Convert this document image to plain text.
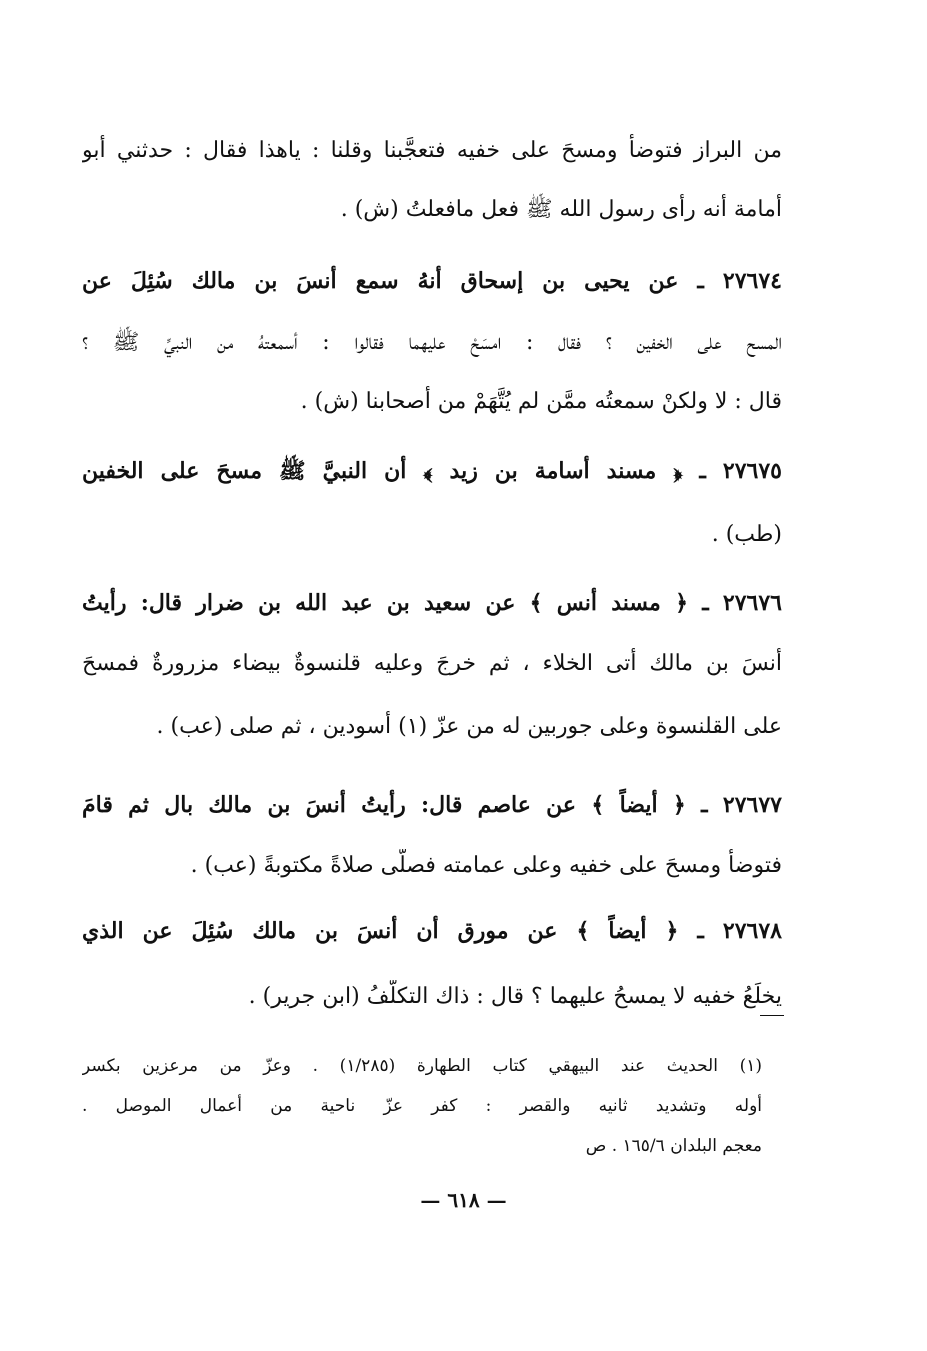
من البراز فتوضأ ومسحَ على خفيه فتعجَّبنا وقلنا : ياهذا فقال : حدثني أبو
أمامة أنه رأى رسول الله ﷺ فعل مافعلتُ (ش) .
٢٧٦٧٤ ـ عن يحيى بن إسحاق أنهُ سمع أنسَ بن مالك سُئِلَ عن
المسح على الخفين ؟ فقال : امسَحْ عليهما فقالوا : أسمعتهُ من النبيِّ ﷺ ؟
قال : لا ولكنْ سمعتُه ممَّن لم يُتَّهَمْ من أصحابنا (ش) .
٢٧٦٧٥ ـ ﴿ مسند أسامة بن زيد ﴾ أن النبيَّ ﷺ مسحَ على الخفين
(طب) .
٢٧٦٧٦ ـ ﴿ مسند أنس ﴾ عن سعيد بن عبد الله بن ضرار قال: رأيتُ
أنسَ بن مالك أتى الخلاء ، ثم خرجَ وعليه قلنسوةٌ بيضاء مزرورةٌ فمسحَ
على القلنسوة وعلى جوربين له من عزّ (١) أسودين ، ثم صلى (عب) .
٢٧٦٧٧ ـ ﴿ أيضاً ﴾ عن عاصم قال: رأيتُ أنسَ بن مالك بال ثم قامَ
فتوضأ ومسحَ على خفيه وعلى عمامته فصلَّى صلاةً مكتوبةً (عب) .
٢٧٦٧٨ ـ ﴿ أيضاً ﴾ عن مورق أن أنسَ بن مالك سُئِلَ عن الذي
يخلَعُ خفيه لا يمسحُ عليهما ؟ قال : ذاك التكلُّفُ (ابن جرير) .
(١) الحديث عند البيهقي كتاب الطهارة (١/٢٨٥) . وعزّ من مرعزين بكسر
أوله وتشديد ثانيه والقصر : كفر عزّ ناحية من أعمال الموصل .
معجم البلدان ١٦٥/٦ . ص
— ٦١٨ —
